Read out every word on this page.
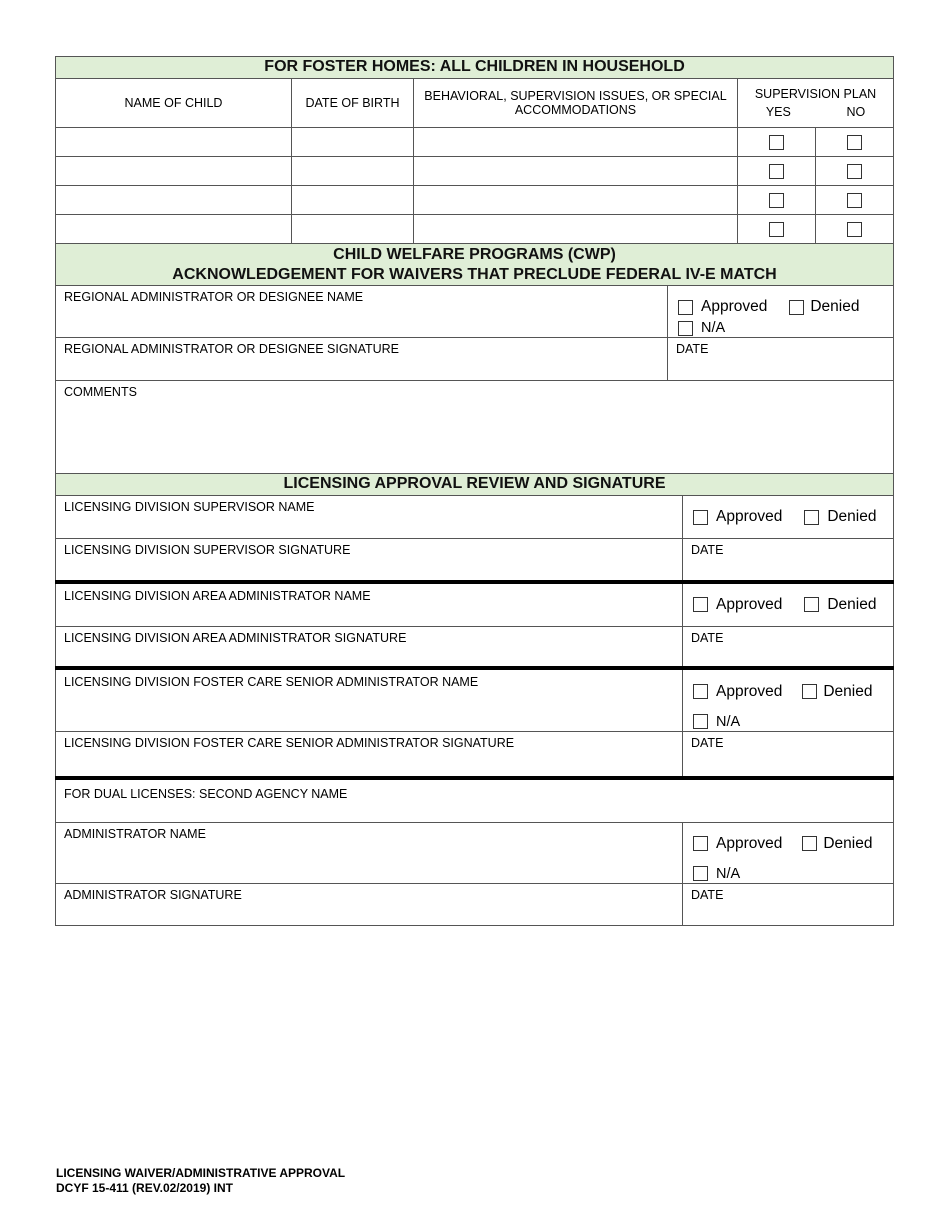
FOR FOSTER HOMES: ALL CHILDREN IN HOUSEHOLD				
NAME OF CHILD	DATE OF BIRTH	BEHAVIORAL, SUPERVISION ISSUES, OR SPECIAL ACCOMMODATIONS	SUPERVISION PLAN
YES NO	

CHILD WELFARE PROGRAMS (CWP)
ACKNOWLEDGEMENT FOR WAIVERS THAT PRECLUDE FEDERAL IV-E MATCH	

REGIONAL ADMINISTRATOR OR DESIGNEE NAME	Approved Denied
N/A

REGIONAL ADMINISTRATOR OR DESIGNEE SIGNATURE	DATE

COMMENTS	
LICENSING APPROVAL REVIEW AND SIGNATURE	

LICENSING DIVISION SUPERVISOR NAME	Approved Denied

LICENSING DIVISION SUPERVISOR SIGNATURE	DATE

LICENSING DIVISION AREA ADMINISTRATOR NAME	Approved Denied

LICENSING DIVISION AREA ADMINISTRATOR SIGNATURE	DATE

LICENSING DIVISION FOSTER CARE SENIOR ADMINISTRATOR NAME	Approved Denied
N/A

LICENSING DIVISION FOSTER CARE SENIOR ADMINISTRATOR SIGNATURE	DATE

FOR DUAL LICENSES: SECOND AGENCY NAME	

ADMINISTRATOR NAME	Approved Denied
N/A

ADMINISTRATOR SIGNATURE	DATE
LICENSING WAIVER/ADMINISTRATIVE APPROVAL
DCYF 15-411 (REV.02/2019) INT
